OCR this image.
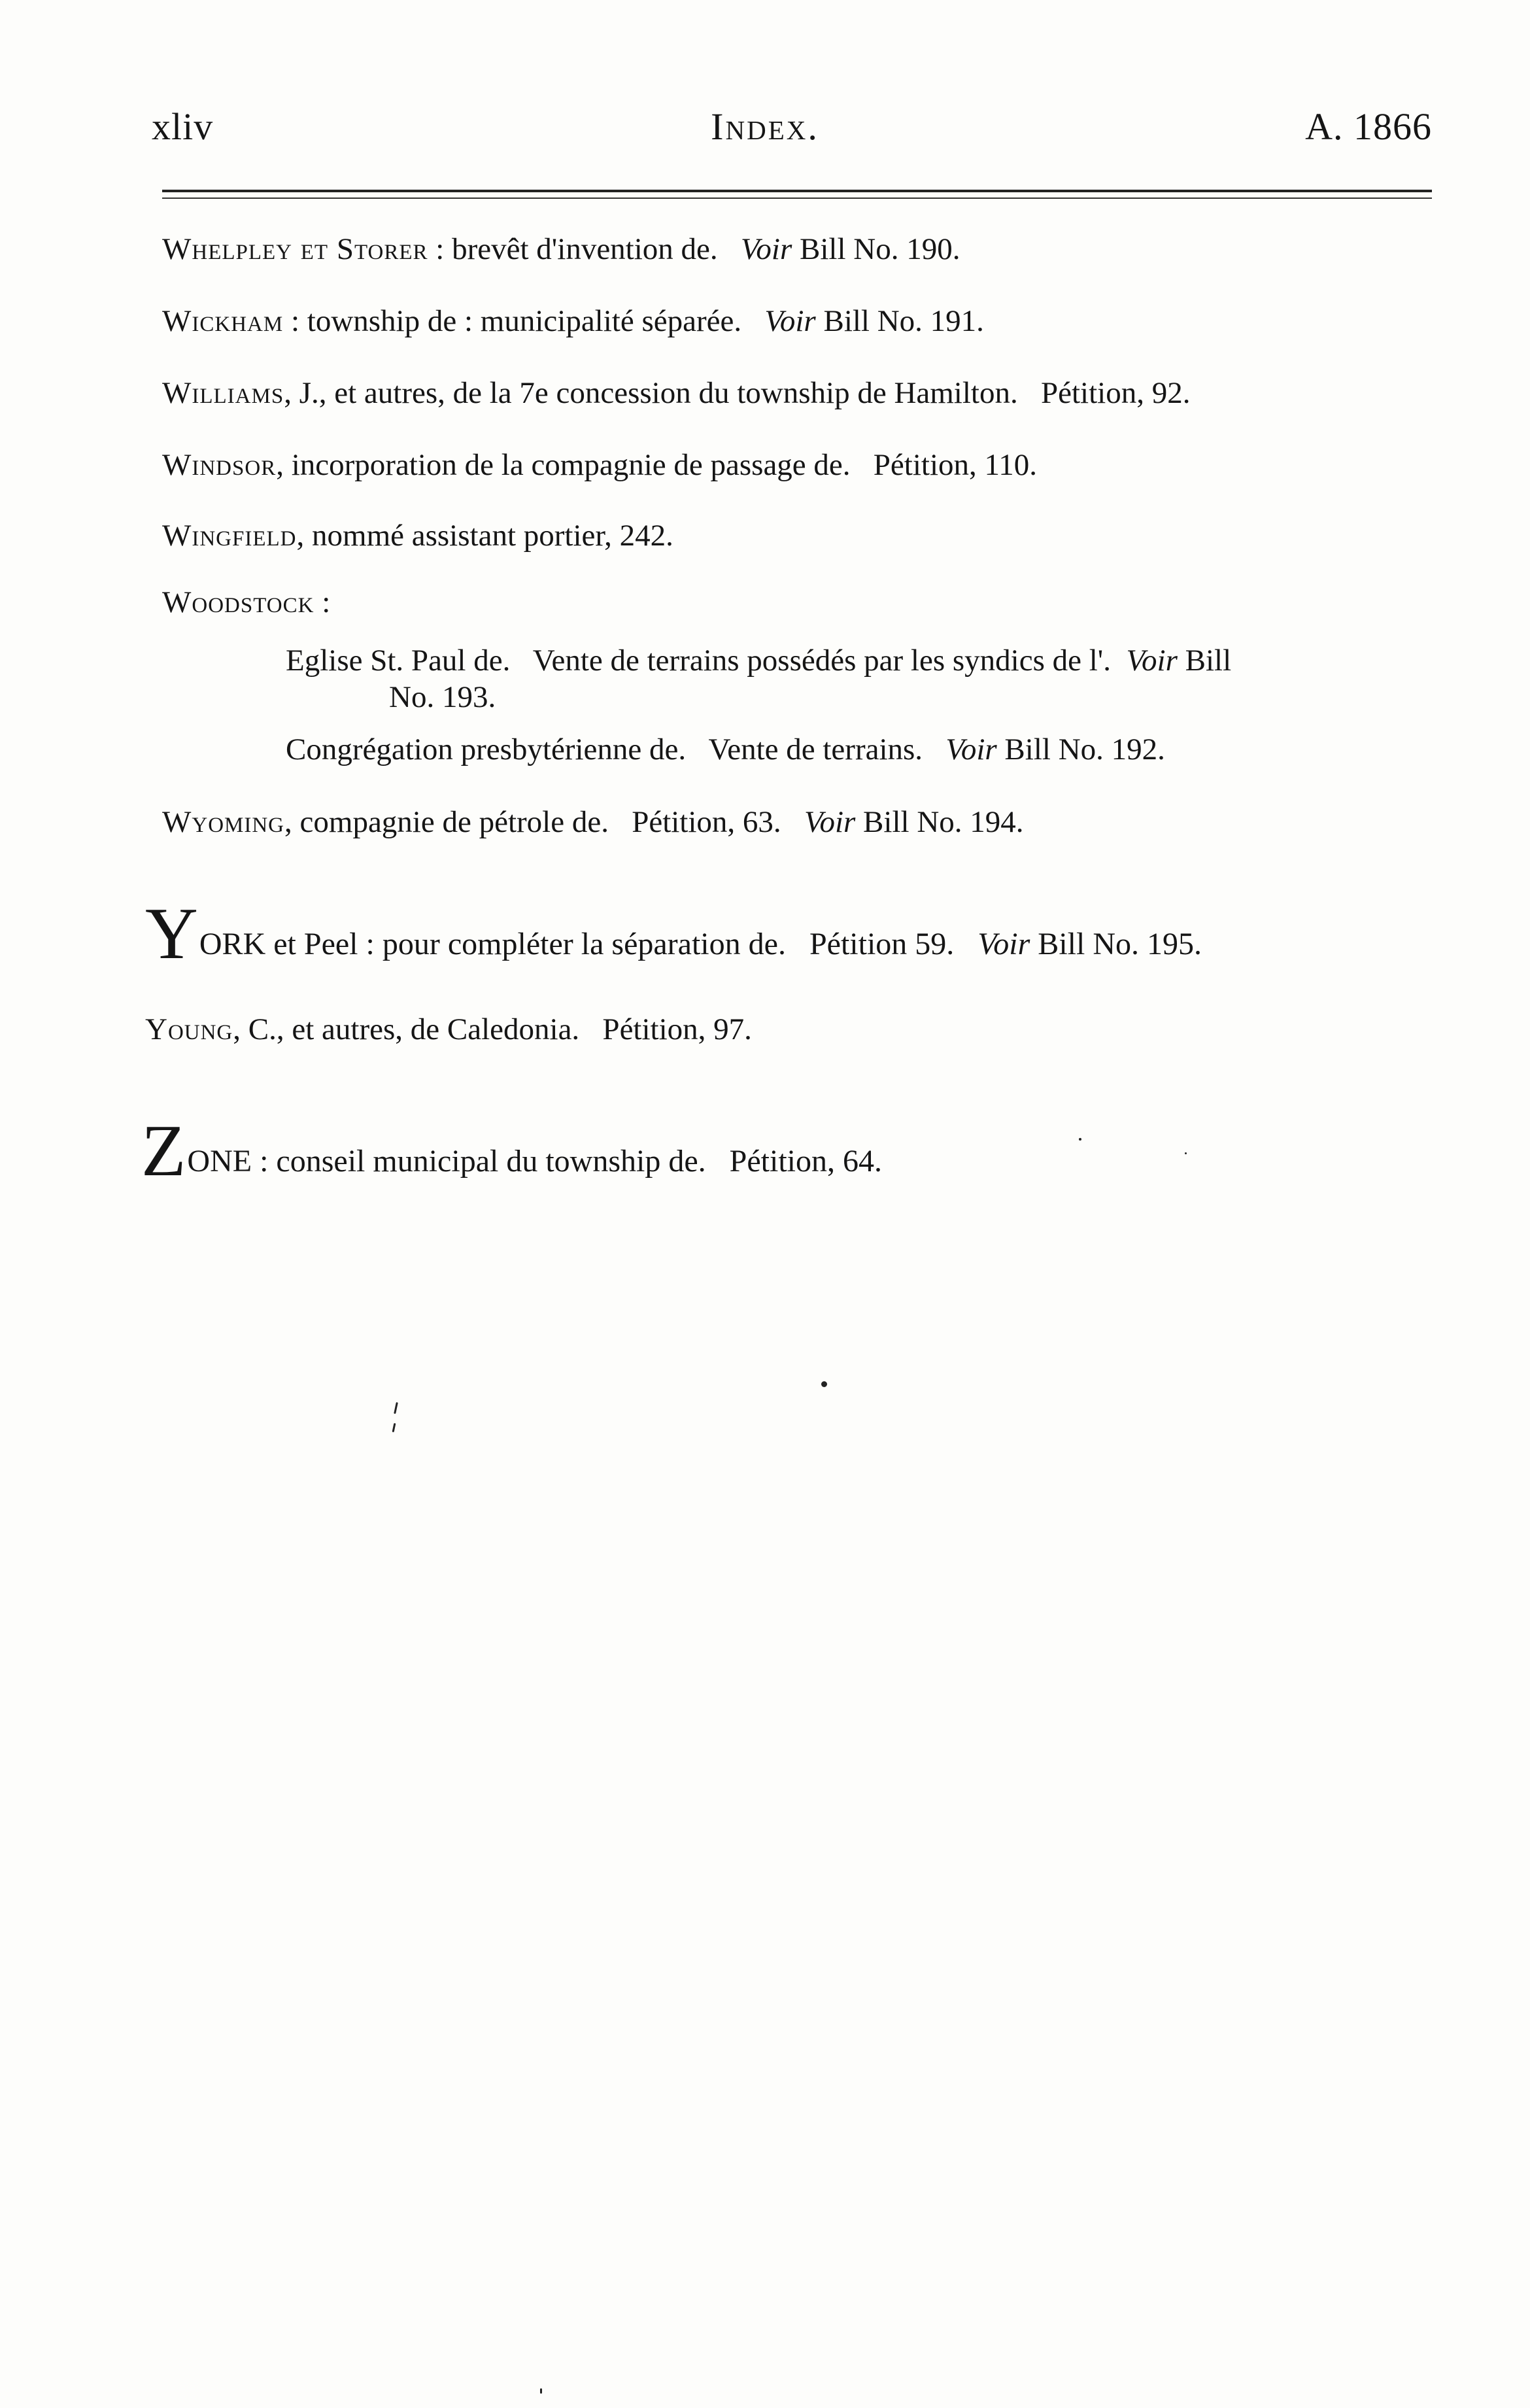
xliv	Index.	A. 1866
Whelpley et Storer : brevêt d'invention de. Voir Bill No. 190.
Wickham : township de : municipalité séparée. Voir Bill No. 191.
Williams, J., et autres, de la 7e concession du township de Hamilton.   Pétition, 92.
Windsor, incorporation de la compagnie de passage de.   Pétition, 110.
Wingfield, nommé assistant portier, 242.
Woodstock :
Eglise St. Paul de.   Vente de terrains possédés par les syndics de l'. Voir Bill
No. 193.
Congrégation presbytérienne de.   Vente de terrains. Voir Bill No. 192.
Wyoming, compagnie de pétrole de.   Pétition, 63. Voir Bill No. 194.
YORK et Peel : pour compléter la séparation de.   Pétition 59. Voir Bill No. 195.
Young, C., et autres, de Caledonia.   Pétition, 97.
ZONE : conseil municipal du township de.   Pétition, 64.
